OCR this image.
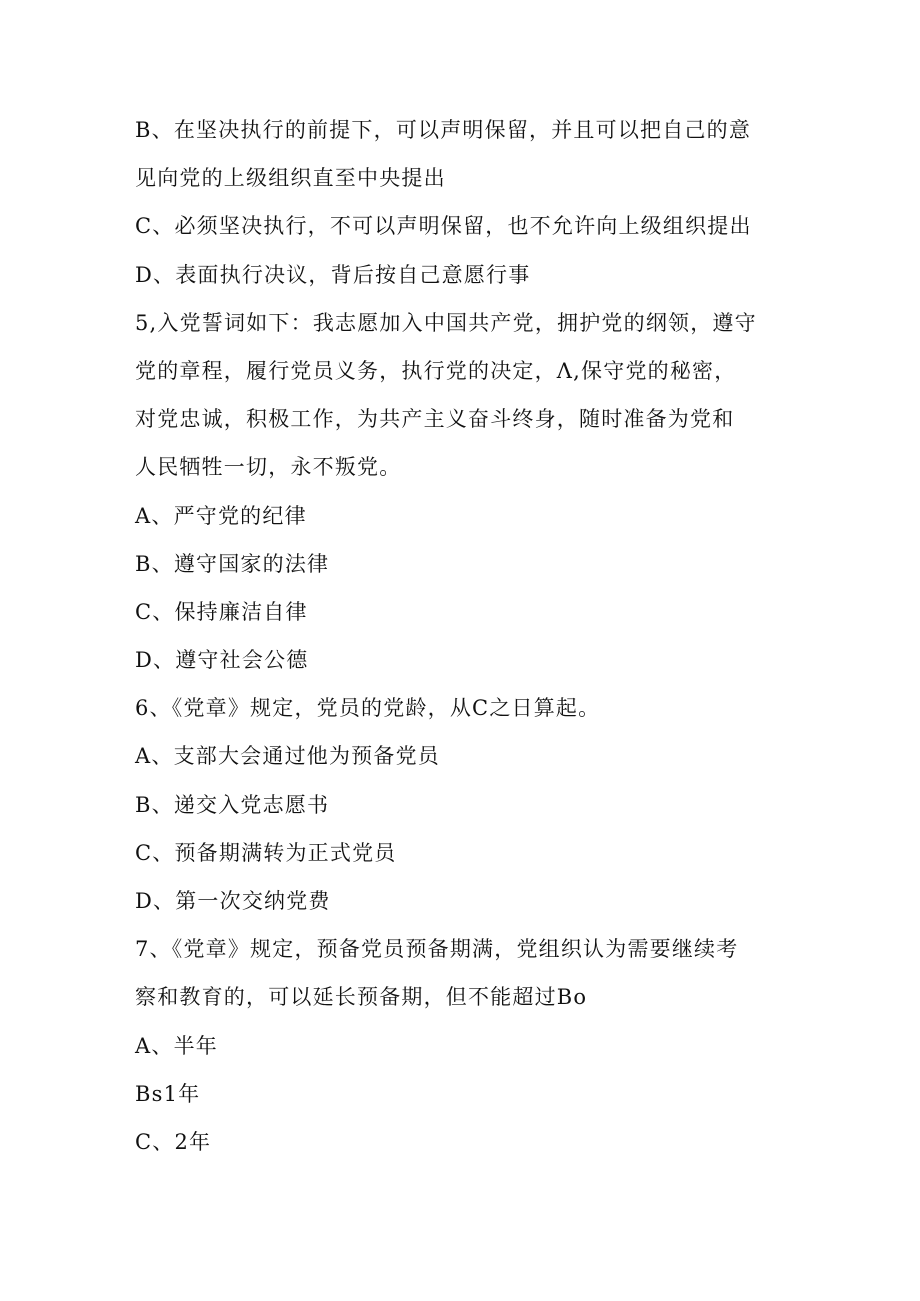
B、在坚决执行的前提下，可以声明保留，并且可以把自己的意
见向党的上级组织直至中央提出
C、必须坚决执行，不可以声明保留，也不允许向上级组织提出
D、表面执行决议，背后按自己意愿行事
5,入党誓词如下：我志愿加入中国共产党，拥护党的纲领，遵守
党的章程，履行党员义务，执行党的决定，Λ,保守党的秘密，
对党忠诚，积极工作，为共产主义奋斗终身，随时准备为党和
人民牺牲一切，永不叛党。
A、严守党的纪律
B、遵守国家的法律
C、保持廉洁自律
D、遵守社会公德
6、《党章》规定，党员的党龄，从C之日算起。
A、支部大会通过他为预备党员
B、递交入党志愿书
C、预备期满转为正式党员
D、第一次交纳党费
7、《党章》规定，预备党员预备期满，党组织认为需要继续考
察和教育的，可以延长预备期，但不能超过Bo
A、半年
Bs1年
C、2年
